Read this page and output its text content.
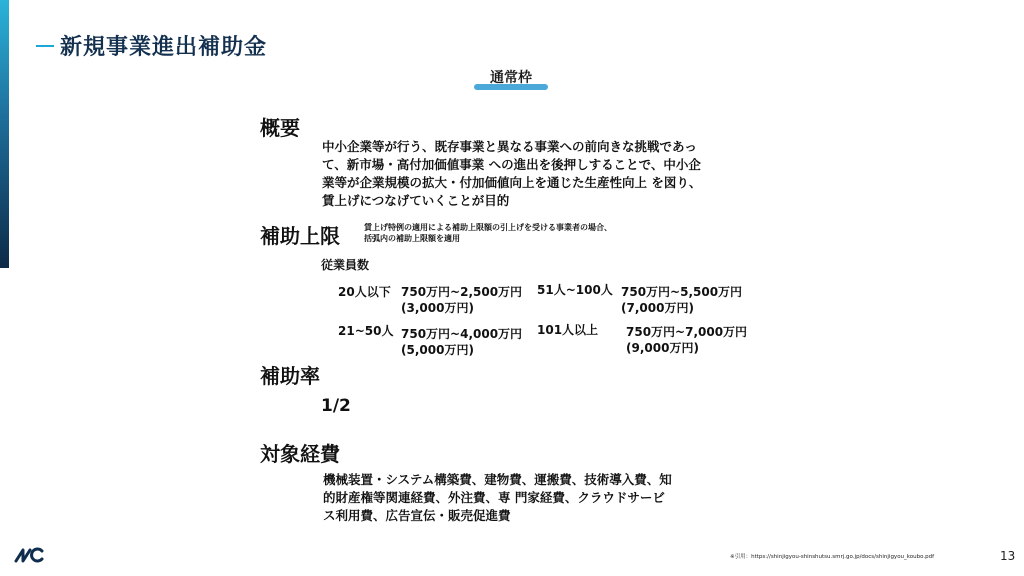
新規事業進出補助金
通常枠
概要
中小企業等が行う、既存事業と異なる事業への前向きな挑戦であっ
て、新市場・高付加価値事業 への進出を後押しすることで、中小企
業等が企業規模の拡大・付加価値向上を通じた生産性向上 を図り、
賃上げにつなげていくことが目的
補助上限	賃上げ特例の適用による補助上限額の引上げを受ける事業者の場合、
括弧内の補助上限額を適用
従業員数
20人以下 750万円~2,500万円
(3,000万円)
21~50人 750万円~4,000万円
(5,000万円)
51人~100人 750万円~5,500万円
(7,000万円)
101人以上 750万円~7,000万円
(9,000万円)
補助率
1/2
対象経費
機械装置・システム構築費、建物費、運搬費、技術導入費、知
的財産権等関連経費、外注費、専 門家経費、クラウドサービ
ス利用費、広告宣伝・販売促進費
※引用：https://shinjigyou-shinshutsu.smrj.go.jp/docs/shinjigyou_koubo.pdf	13
